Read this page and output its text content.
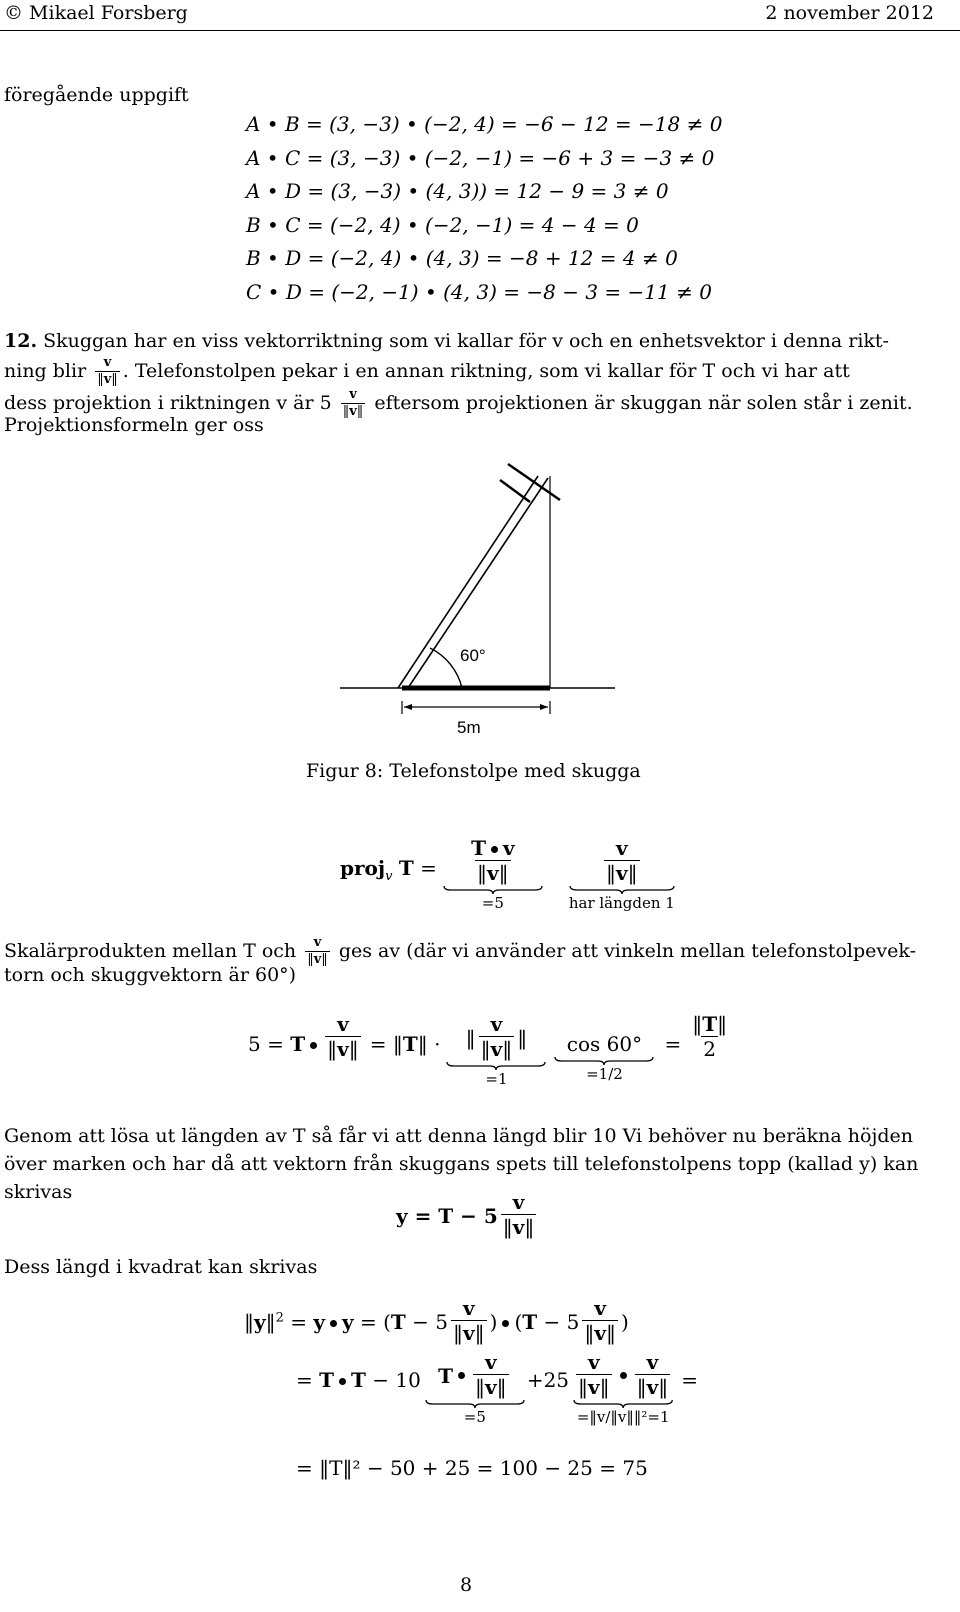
© Mikael Forsberg	2 november 2012
föregående uppgift
A • B = (3, −3) • (−2, 4) = −6 − 12 = −18 ≠ 0
A • C = (3, −3) • (−2, −1) = −6 + 3 = −3 ≠ 0
A • D = (3, −3) • (4, 3)) = 12 − 9 = 3 ≠ 0
B • C = (−2, 4) • (−2, −1) = 4 − 4 = 0
B • D = (−2, 4) • (4, 3) = −8 + 12 = 4 ≠ 0
C • D = (−2, −1) • (4, 3) = −8 − 3 = −11 ≠ 0
12. Skuggan har en viss vektorriktning som vi kallar för v och en enhetsvektor i denna rikt-
ning blir $\frac{v}{‖v‖}$ . Telefonstolpen pekar i en annan riktning, som vi kallar för T och vi har att
dess projektion i riktningen v är $5 \frac{v}{‖v‖}$ eftersom projektionen är skuggan när solen står i zenit.
Projektionsformeln ger oss
60°
5m
Figur 8: Telefonstolpe med skugga
proj$_v$ $T = \frac{\text{T v}}{‖v‖}$
=5
$\frac{v}{‖v‖}$
har längden 1
Skalärprodukten mellan T och $\frac{v}{‖v‖}$ ges av (där vi använder att vinkeln mellan telefonstolpevek-
torn och skuggvektorn är 60°)
5 = T	$\frac{v}{‖v‖}$ = ‖T‖ · ‖ $\frac{v}{‖v‖}$ ‖
=1
cos 60°
=1/2
= $\frac{‖T‖}{2}$
Genom att lösa ut längden av T så får vi att denna längd blir 10 Vi behöver nu beräkna höjden
över marken och har då att vektorn från skuggans spets till telefonstolpens topp (kallad y) kan
skrivas
$y = T - 5 \frac{v}{‖v‖}$
Dess längd i kvadrat kan skrivas
‖y‖$^2$ = y $y = (T - 5 \frac{v}{‖v‖}$ ) ($T - 5 \frac{v}{‖v‖}$ )
= T T − 10 T $\frac{v}{‖v‖}$
=5
$+25 \frac{v}{‖v‖} \frac{v}{‖v‖}$
=‖v/‖v‖‖²=1
=
= ‖T‖² − 50 + 25 = 100 − 25 = 75
8
